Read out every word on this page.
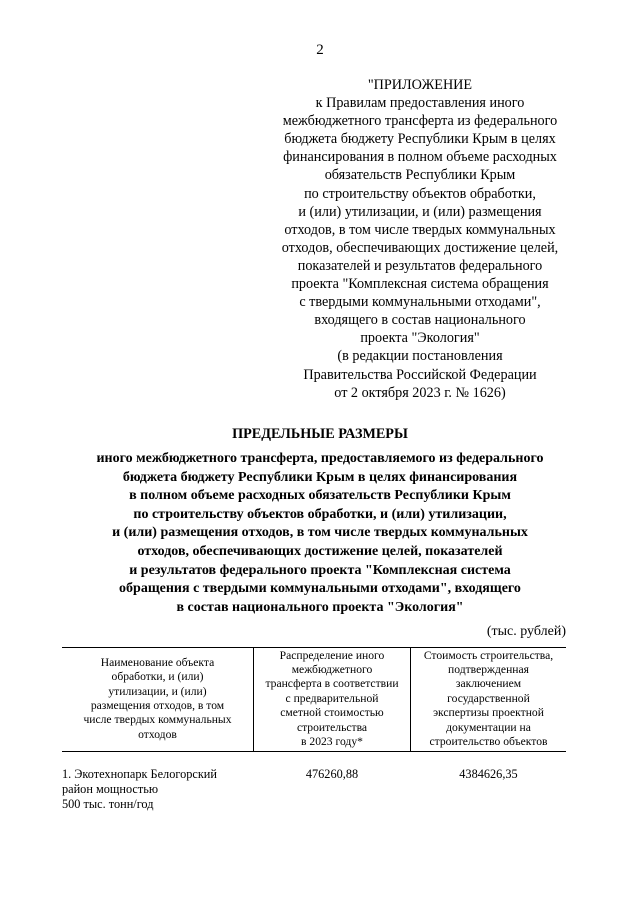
2
"ПРИЛОЖЕНИЕ
к Правилам предоставления иного
межбюджетного трансферта из федерального
бюджета бюджету Республики Крым в целях
финансирования в полном объеме расходных
обязательств Республики Крым
по строительству объектов обработки,
и (или) утилизации, и (или) размещения
отходов, в том числе твердых коммунальных
отходов, обеспечивающих достижение целей,
показателей и результатов федерального
проекта "Комплексная система обращения
с твердыми коммунальными отходами",
входящего в состав национального
проекта "Экология"
(в редакции постановления
Правительства Российской Федерации
от 2 октября 2023 г. № 1626)
ПРЕДЕЛЬНЫЕ РАЗМЕРЫ
иного межбюджетного трансферта, предоставляемого из федерального
бюджета бюджету Республики Крым в целях финансирования
в полном объеме расходных обязательств Республики Крым
по строительству объектов обработки, и (или) утилизации,
и (или) размещения отходов, в том числе твердых коммунальных
отходов, обеспечивающих достижение целей, показателей
и результатов федерального проекта "Комплексная система
обращения с твердыми коммунальными отходами", входящего
в состав национального проекта "Экология"
(тыс. рублей)
Наименование объекта
обработки, и (или)
утилизации, и (или)
размещения отходов, в том
числе твердых коммунальных
отходов
Распределение иного
межбюджетного
трансферта в соответствии
с предварительной
сметной стоимостью
строительства
в 2023 году*
Стоимость строительства,
подтвержденная
заключением
государственной
экспертизы проектной
документации на
строительство объектов
1. Экотехнопарк Белогорский
район мощностью
500 тыс. тонн/год
476260,88	4384626,35
